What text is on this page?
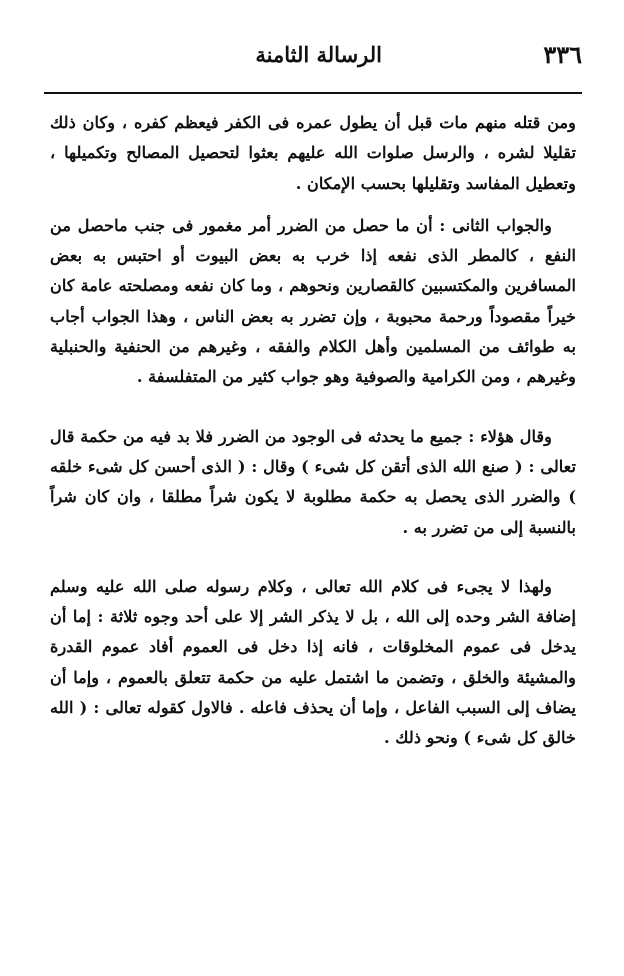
٣٣٦
الرسالة الثامنة

ومن قتله منهم مات قبل أن يطول عمره فى الكفر فيعظم كفره ، وكان ذلك تقليلا لشره ، والرسل صلوات الله عليهم بعثوا لتحصيل المصالح وتكميلها ، وتعطيل المفاسد وتقليلها بحسب الإمكان .

والجواب الثانى : أن ما حصل من الضرر أمر مغمور فى جنب ماحصل من النفع ، كالمطر الذى نفعه إذا خرب به بعض البيوت أو احتبس به بعض المسافرين والمكتسبين كالقصارين ونحوهم ، وما كان نفعه ومصلحته عامة كان خيراً مقصوداً ورحمة محبوبة ، وإن تضرر به بعض الناس ، وهذا الجواب أجاب به طوائف من المسلمين وأهل الكلام والفقه ، وغيرهم من الحنفية والحنبلية وغيرهم ، ومن الكرامية والصوفية وهو جواب كثير من المتفلسفة .

وقال هؤلاء : جميع ما يحدثه فى الوجود من الضرر فلا بد فيه من حكمة قال تعالى : ( صنع الله الذى أتقن كل شىء ) وقال : ( الذى أحسن كل شىء خلقه ) والضرر الذى يحصل به حكمة مطلوبة لا يكون شراً مطلقا ، وان كان شراً بالنسبة إلى من تضرر به .

ولهذا لا يجىء فى كلام الله تعالى ، وكلام رسوله صلى الله عليه وسلم إضافة الشر وحده إلى الله ، بل لا يذكر الشر إلا على أحد وجوه ثلاثة : إما أن يدخل فى عموم المخلوقات ، فانه إذا دخل فى العموم أفاد عموم القدرة والمشيئة والخلق ، وتضمن ما اشتمل عليه من حكمة تتعلق بالعموم ، وإما أن يضاف إلى السبب الفاعل ، وإما أن يحذف فاعله . فالاول كقوله تعالى : ( الله خالق كل شىء ) ونحو ذلك .
